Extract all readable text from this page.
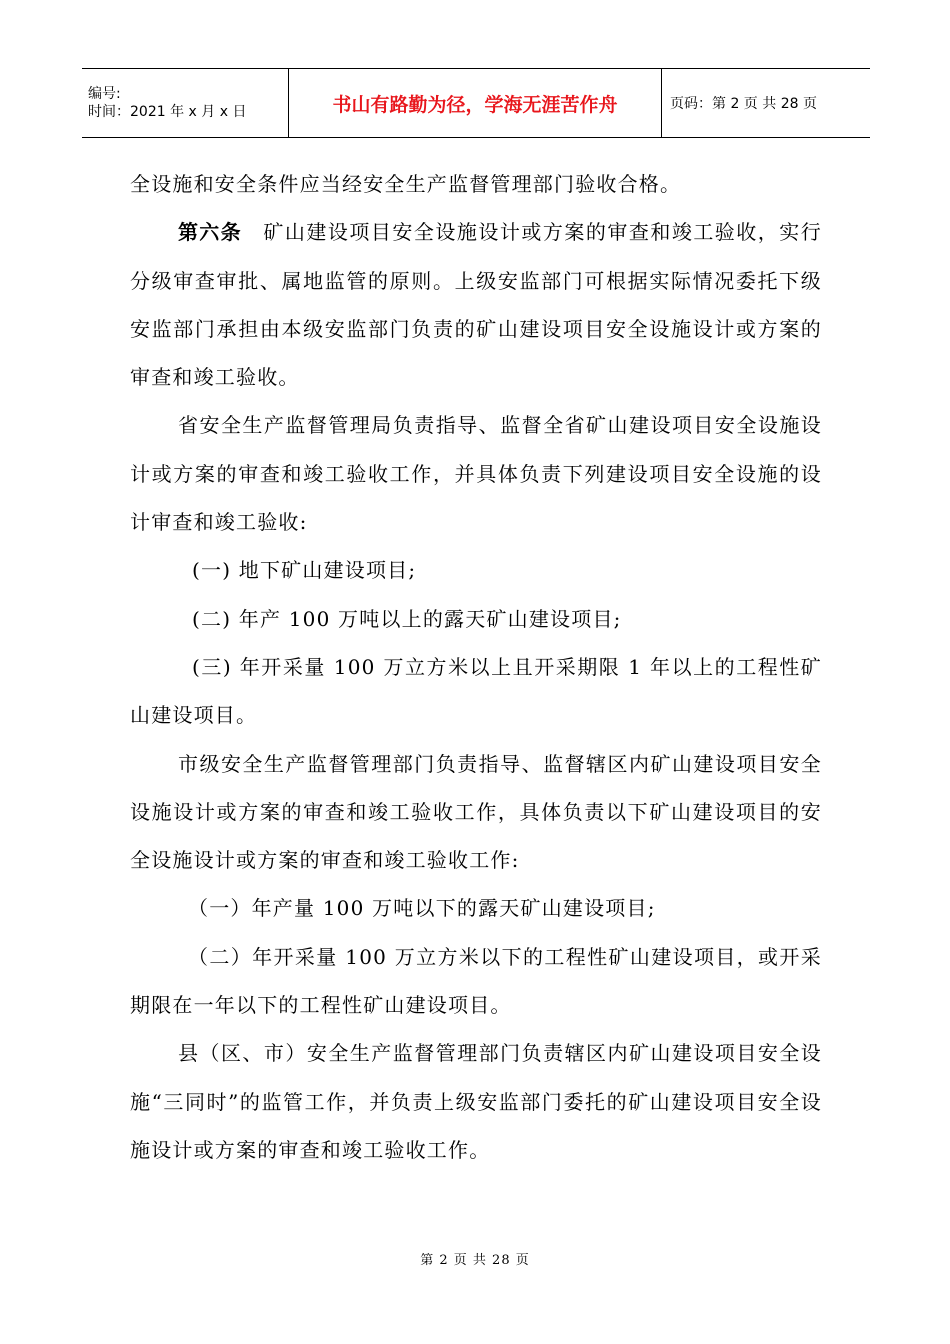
编号:
时间：2021 年 x 月 x 日	书山有路勤为径，学海无涯苦作舟	页码：第 2 页 共 28 页

全设施和安全条件应当经安全生产监督管理部门验收合格。

第六条　矿山建设项目安全设施设计或方案的审查和竣工验收，实行分级审查审批、属地监管的原则。上级安监部门可根据实际情况委托下级安监部门承担由本级安监部门负责的矿山建设项目安全设施设计或方案的审查和竣工验收。

省安全生产监督管理局负责指导、监督全省矿山建设项目安全设施设计或方案的审查和竣工验收工作，并具体负责下列建设项目安全设施的设计审查和竣工验收:

(一) 地下矿山建设项目;

(二) 年产 100 万吨以上的露天矿山建设项目;

(三) 年开采量 100 万立方米以上且开采期限 1 年以上的工程性矿山建设项目。

市级安全生产监督管理部门负责指导、监督辖区内矿山建设项目安全设施设计或方案的审查和竣工验收工作，具体负责以下矿山建设项目的安全设施设计或方案的审查和竣工验收工作:

（一）年产量 100 万吨以下的露天矿山建设项目;

（二）年开采量 100 万立方米以下的工程性矿山建设项目，或开采期限在一年以下的工程性矿山建设项目。

县（区、市）安全生产监督管理部门负责辖区内矿山建设项目安全设施“三同时”的监管工作，并负责上级安监部门委托的矿山建设项目安全设施设计或方案的审查和竣工验收工作。

第 2 页 共 28 页
